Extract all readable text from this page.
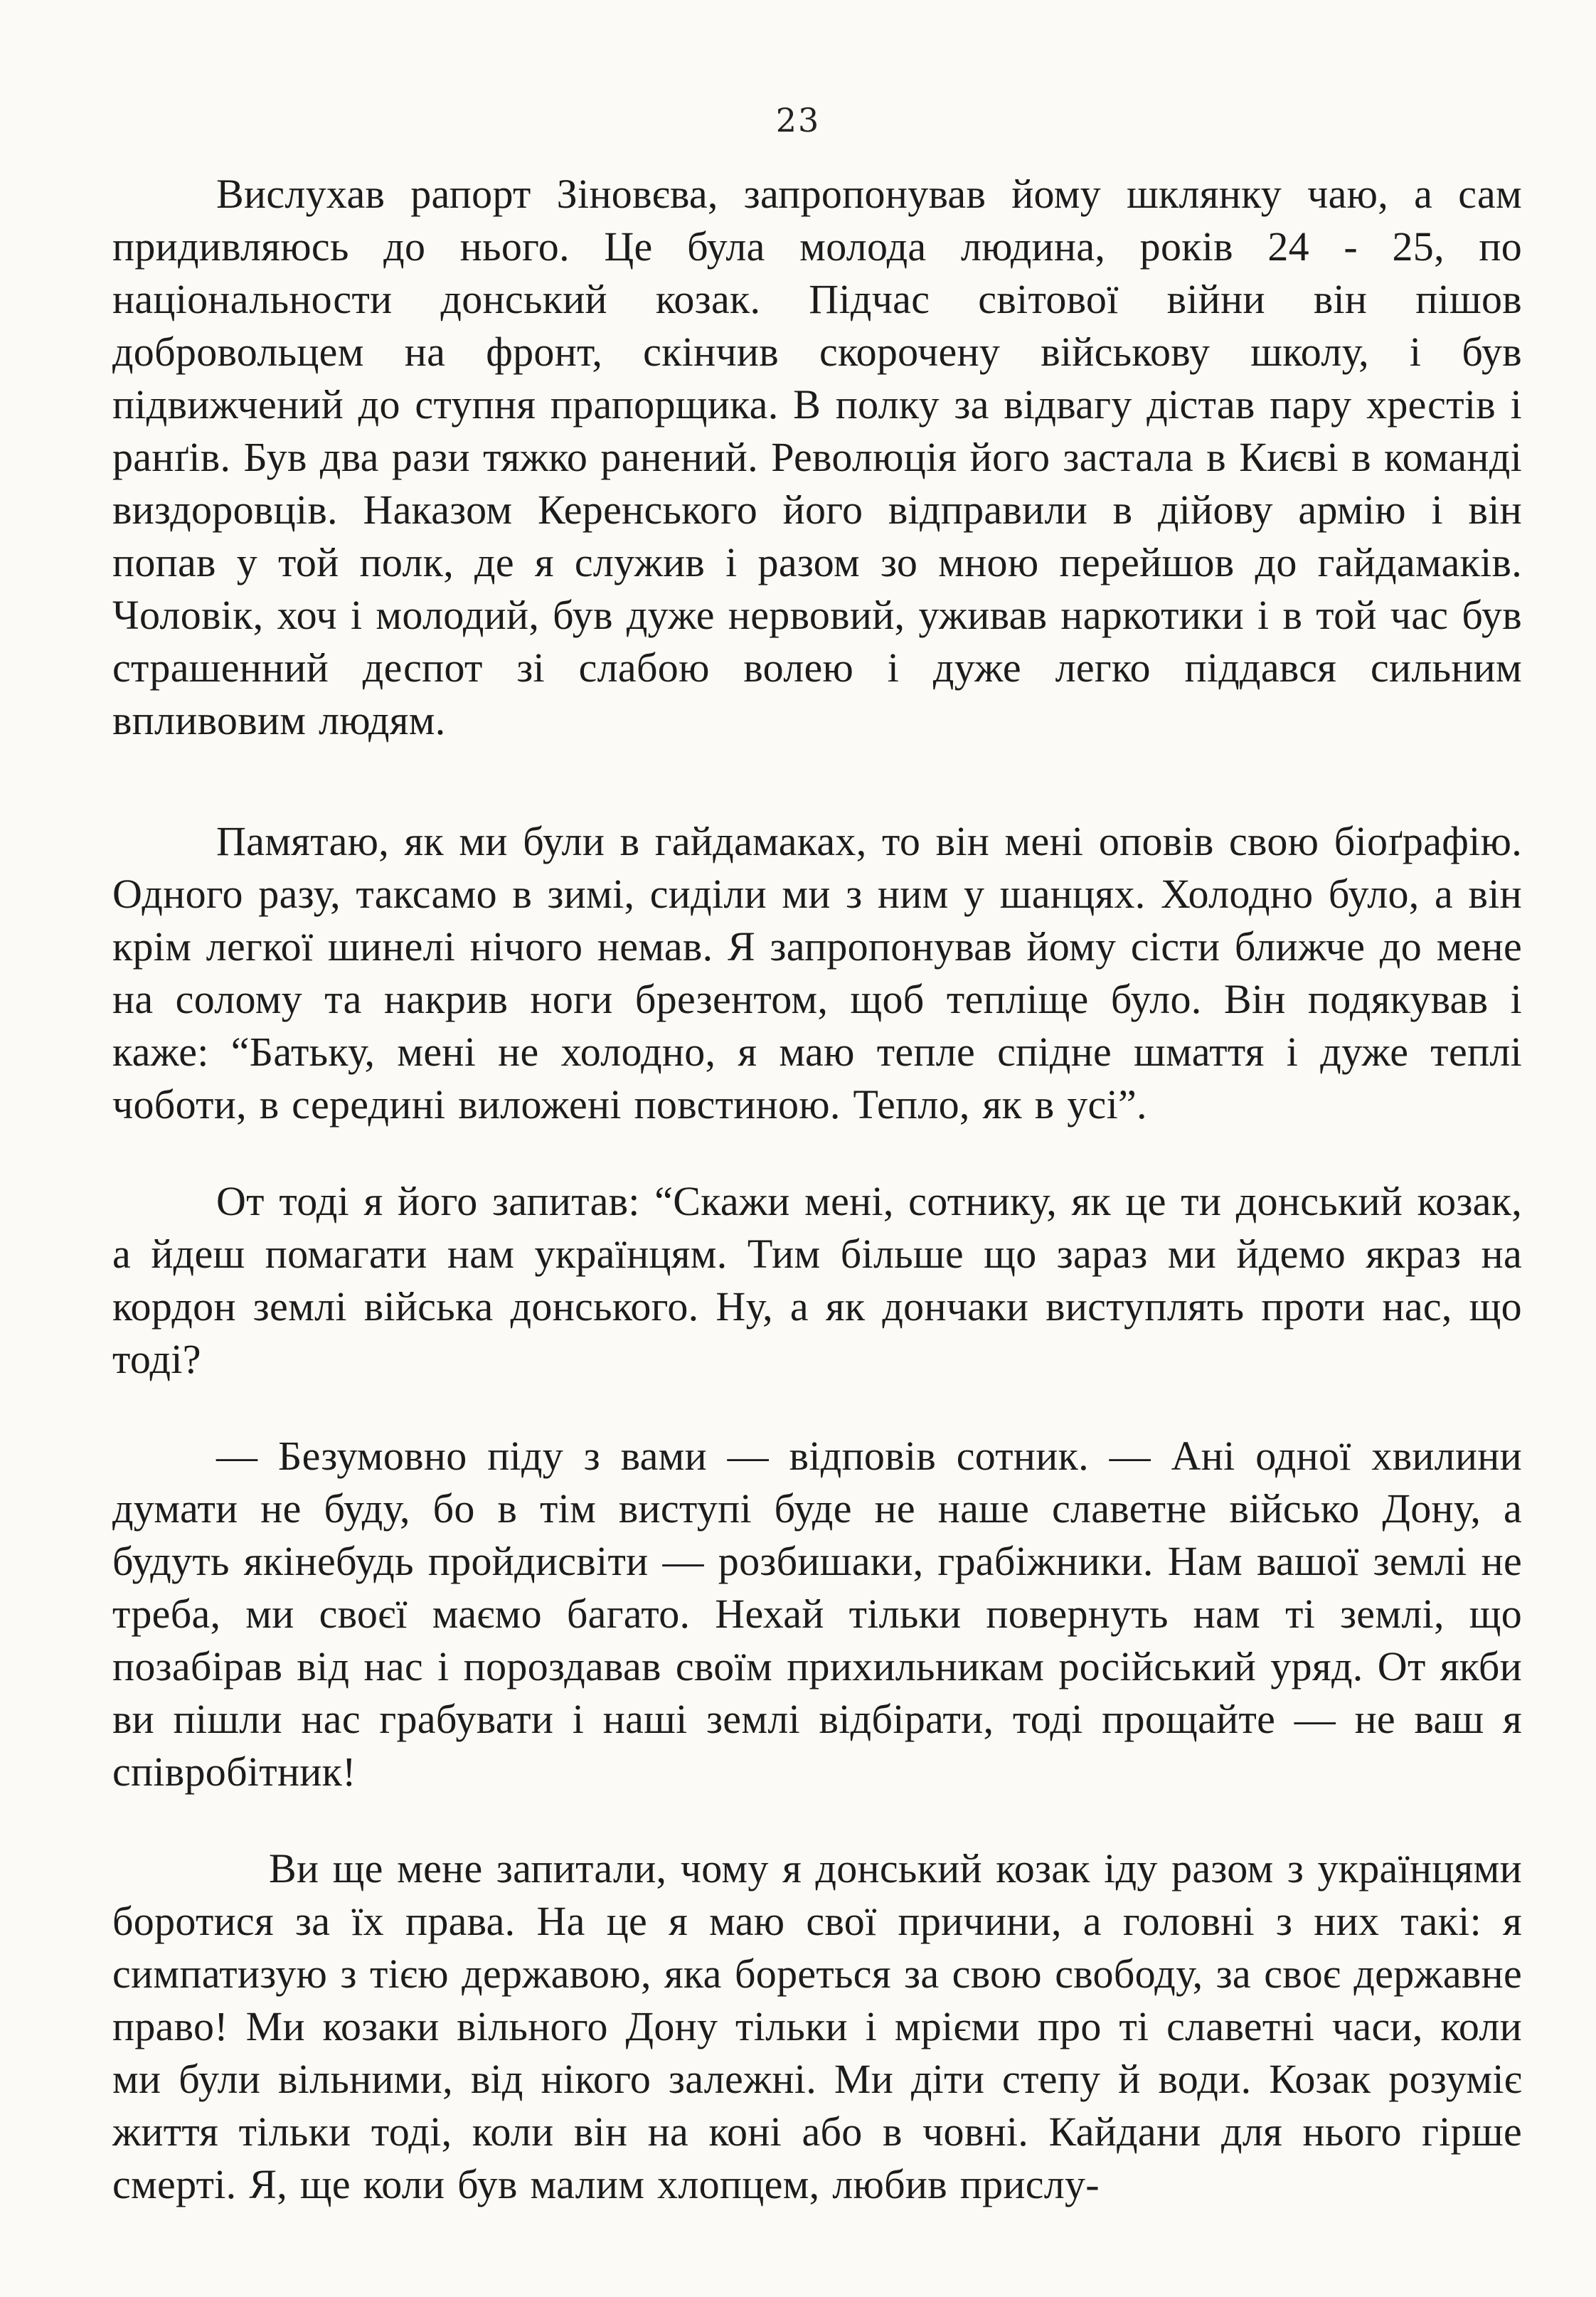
23

Вислухав рапорт Зіновєва, запропонував йому шклянку чаю, а сам придивляюсь до нього. Це була молода людина, років 24 - 25, по національности донський козак. Підчас світової війни він пішов добровольцем на фронт, скінчив скорочену військову школу, і був підвижчений до ступня прапорщика. В полку за відвагу дістав пару хрестів і ранґів. Був два рази тяжко ранений. Революція його застала в Києві в команді виздоровців. Наказом Керенського його відправили в дійову армію і він попав у той полк, де я служив і разом зо мною перейшов до гайдамаків. Чоловік, хоч і молодий, був дуже нервовий, уживав наркотики і в той час був страшенний деспот зі слабою волею і дуже легко піддався сильним впливовим людям.

Памятаю, як ми були в гайдамаках, то він мені оповів свою біоґрафію. Одного разу, таксамо в зимі, сиділи ми з ним у шанцях. Холодно було, а він крім легкої шинелі нічого немав. Я запропонував йому сісти ближче до мене на солому та накрив ноги брезентом, щоб тепліще було. Він подякував і каже: “Батьку, мені не холодно, я маю тепле спідне шмаття і дуже теплі чоботи, в середині виложені повстиною. Тепло, як в усі”.

От тоді я його запитав: “Скажи мені, сотнику, як це ти донський козак, а йдеш помагати нам українцям. Тим більше що зараз ми йдемо якраз на кордон землі війська донського. Ну, а як дончаки виступлять проти нас, що тоді?

— Безумовно піду з вами — відповів сотник. — Ані одної хвилини думати не буду, бо в тім виступі буде не наше славетне військо Дону, а будуть якінебудь пройдисвіти — розбишаки, грабіжники. Нам вашої землі не треба, ми своєї маємо багато. Нехай тільки повернуть нам ті землі, що позабірав від нас і пороздавав своїм прихильникам російський уряд. От якби ви пішли нас грабувати і наші землі відбірати, тоді прощайте — не ваш я співробітник!

Ви ще мене запитали, чому я донський козак іду разом з українцями боротися за їх права. На це я маю свої причини, а головні з них такі: я симпатизую з тією державою, яка бореться за свою свободу, за своє державне право! Ми козаки вільного Дону тільки і мрієми про ті славетні часи, коли ми були вільними, від нікого залежні. Ми діти степу й води. Козак розуміє життя тільки тоді, коли він на коні або в човні. Кайдани для нього гірше смерті. Я, ще коли був малим хлопцем, любив прислу-
